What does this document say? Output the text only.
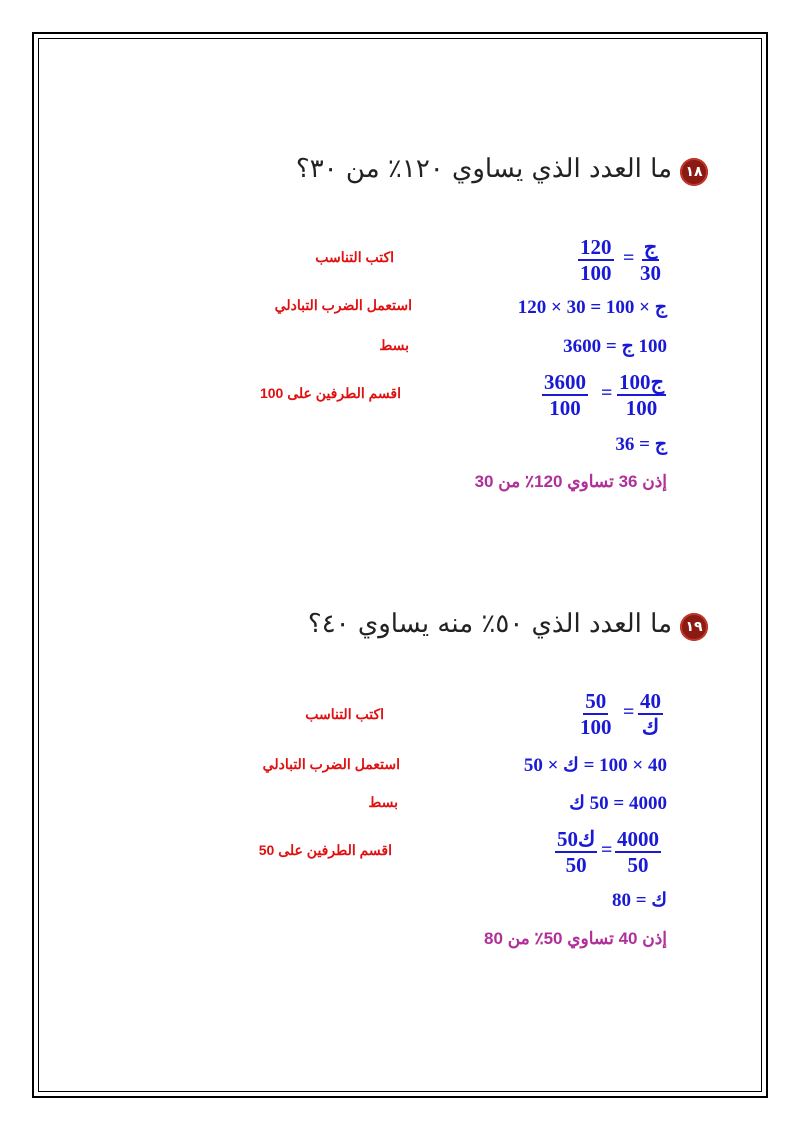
١٨
ما العدد الذي يساوي ١٢٠٪ من ٣٠؟
$\frac{120}{100}$ = ج
30
اكتب التناسب
ج × 100 = 30 × 120
استعمل الضرب التبادلي
100 ج = 3600
بسط
$\frac{3600}{100}$ = 100ج
100
اقسم الطرفين على 100
ج = 36
إذن 36 تساوي 120٪ من 30
١٩
ما العدد الذي ٥٠٪ منه يساوي ٤٠؟
$\frac{50}{100} = 40$
ك
اكتب التناسب
40 × 100 = ك × 50
استعمل الضرب التبادلي
4000 = 50 ك
بسط
50ك
50
= $\frac{4000}{50}$
اقسم الطرفين على 50
ك = 80
إذن 40 تساوي 50٪ من 80
